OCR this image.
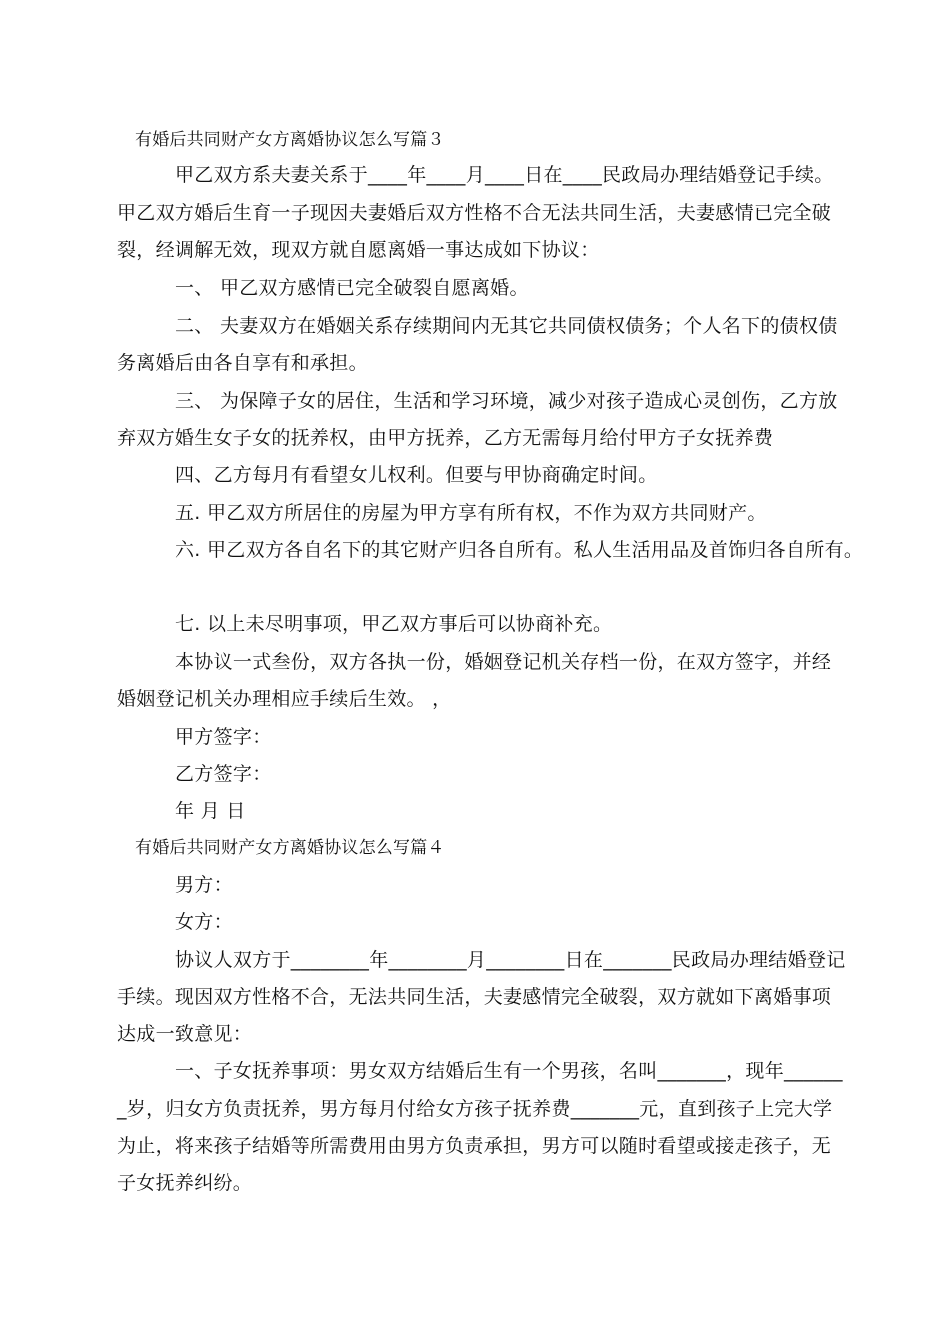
有婚后共同财产女方离婚协议怎么写篇３
甲乙双方系夫妻关系于____年____月____日在____民政局办理结婚登记手续。
甲乙双方婚后生育一子现因夫妻婚后双方性格不合无法共同生活，夫妻感情已完全破
裂，经调解无效，现双方就自愿离婚一事达成如下协议：
一、 甲乙双方感情已完全破裂自愿离婚。
二、 夫妻双方在婚姻关系存续期间内无其它共同债权债务；个人名下的债权债
务离婚后由各自享有和承担。
三、 为保障子女的居住，生活和学习环境，减少对孩子造成心灵创伤，乙方放
弃双方婚生女子女的抚养权，由甲方抚养，乙方无需每月给付甲方子女抚养费
四、乙方每月有看望女儿权利。但要与甲协商确定时间。
五. 甲乙双方所居住的房屋为甲方享有所有权，不作为双方共同财产。
六. 甲乙双方各自名下的其它财产归各自所有。私人生活用品及首饰归各自所有。
七. 以上未尽明事项，甲乙双方事后可以协商补充。
本协议一式叁份，双方各执一份，婚姻登记机关存档一份，在双方签字，并经
婚姻登记机关办理相应手续后生效。 ，
甲方签字：
乙方签字：
年 月 日
有婚后共同财产女方离婚协议怎么写篇４
男方：
女方：
协议人双方于________年________月________日在_______民政局办理结婚登记
手续。现因双方性格不合，无法共同生活，夫妻感情完全破裂，双方就如下离婚事项
达成一致意见：
一、子女抚养事项：男女双方结婚后生有一个男孩，名叫_______，现年______
_岁，归女方负责抚养，男方每月付给女方孩子抚养费_______元，直到孩子上完大学
为止，将来孩子结婚等所需费用由男方负责承担，男方可以随时看望或接走孩子，无
子女抚养纠纷。
